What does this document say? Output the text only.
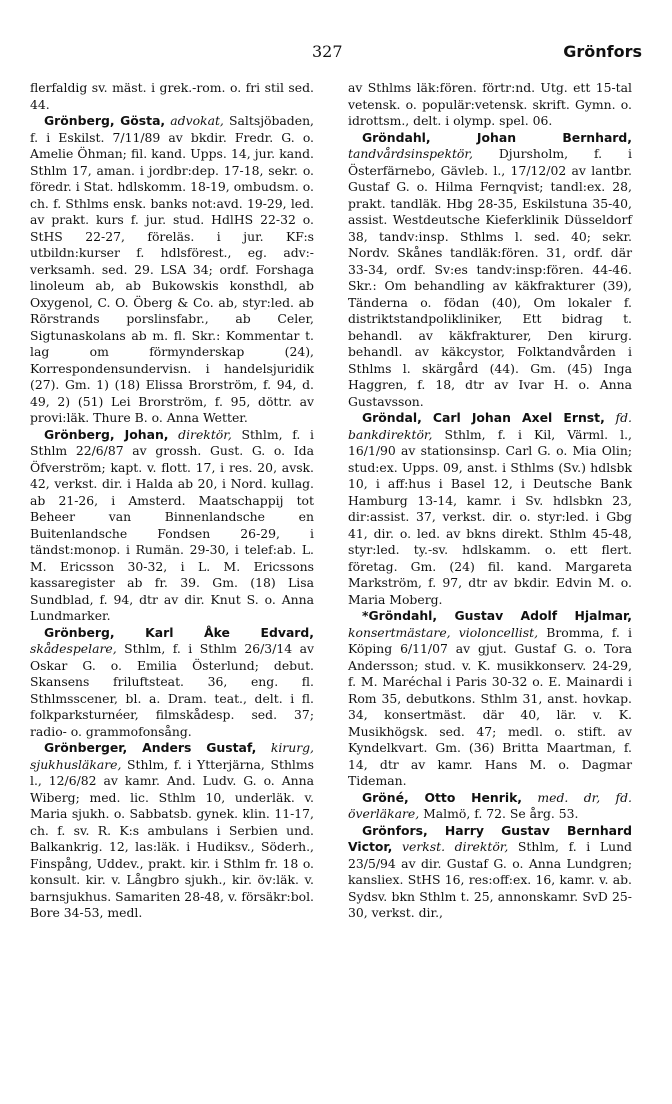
327	Grönfors

flerfaldig sv. mäst. i grek.-rom. o. fri stil sed. 44.

Grönberg, Gösta, advokat, Saltsjöbaden, f. i Eskilst. 7/11/89 av bkdir. Fredr. G. o. Amelie Öhman; fil. kand. Upps. 14, jur. kand. Sthlm 17, aman. i jordbr:dep. 17-18, sekr. o. föredr. i Stat. hdlskomm. 18-19, ombudsm. o. ch. f. Sthlms ensk. banks not:avd. 19-29, led. av prakt. kurs f. jur. stud. HdlHS 22-32 o. StHS 22-27, föreläs. i jur. KF:s utbildn:kurser f. hdlsförest., eg. adv:-verksamh. sed. 29. LSA 34; ordf. Forshaga linoleum ab, ab Bukowskis konsthdl, ab Oxygenol, C. O. Öberg & Co. ab, styr:led. ab Rörstrands porslinsfabr., ab Celer, Sigtunaskolans ab m. fl. Skr.: Kommentar t. lag om förmynderskap (24), Korrespondensundervisn. i handelsjuridik (27). Gm. 1) (18) Elissa Brorström, f. 94, d. 49, 2) (51) Lei Brorström, f. 95, döttr. av provi:läk. Thure B. o. Anna Wetter.

Grönberg, Johan, direktör, Sthlm, f. i Sthlm 22/6/87 av grossh. Gust. G. o. Ida Öfverström; kapt. v. flott. 17, i res. 20, avsk. 42, verkst. dir. i Halda ab 20, i Nord. kullag. ab 21-26, i Amsterd. Maatschappij tot Beheer van Binnenlandsche en Buitenlandsche Fondsen 26-29, i tändst:monop. i Rumän. 29-30, i telef:ab. L. M. Ericsson 30-32, i L. M. Ericssons kassaregister ab fr. 39. Gm. (18) Lisa Sundblad, f. 94, dtr av dir. Knut S. o. Anna Lundmarker.

Grönberg, Karl Åke Edvard, skådespelare, Sthlm, f. i Sthlm 26/3/14 av Oskar G. o. Emilia Österlund; debut. Skansens friluftsteat. 36, eng. fl. Sthlmsscener, bl. a. Dram. teat., delt. i fl. folkparksturnéer, filmskådesp. sed. 37; radio- o. grammofonsång.

Grönberger, Anders Gustaf, kirurg, sjukhusläkare, Sthlm, f. i Ytterjärna, Sthlms l., 12/6/82 av kamr. And. Ludv. G. o. Anna Wiberg; med. lic. Sthlm 10, underläk. v. Maria sjukh. o. Sabbatsb. gynek. klin. 11-17, ch. f. sv. R. K:s ambulans i Serbien und. Balkankrig. 12, las:läk. i Hudiksv., Söderh., Finspång, Uddev., prakt. kir. i Sthlm fr. 18 o. konsult. kir. v. Långbro sjukh., kir. öv:läk. v. barnsjukhus. Samariten 28-48, v. försäkr:bol. Bore 34-53, medl.

av Sthlms läk:fören. förtr:nd. Utg. ett 15-tal vetensk. o. populär:vetensk. skrift. Gymn. o. idrottsm., delt. i olymp. spel. 06.

Gröndahl, Johan Bernhard, tandvårdsinspektör, Djursholm, f. i Österfärnebo, Gävleb. l., 17/12/02 av lantbr. Gustaf G. o. Hilma Fernqvist; tandl:ex. 28, prakt. tandläk. Hbg 28-35, Eskilstuna 35-40, assist. Westdeutsche Kieferklinik Düsseldorf 38, tandv:insp. Sthlms l. sed. 40; sekr. Nordv. Skånes tandläk:fören. 31, ordf. där 33-34, ordf. Sv:es tandv:insp:fören. 44-46. Skr.: Om behandling av käkfrakturer (39), Tänderna o. födan (40), Om lokaler f. distriktstandpolikliniker, Ett bidrag t. behandl. av käkfrakturer, Den kirurg. behandl. av käkcystor, Folktandvården i Sthlms l. skärgård (44). Gm. (45) Inga Haggren, f. 18, dtr av Ivar H. o. Anna Gustavsson.

Gröndal, Carl Johan Axel Ernst, fd. bankdirektör, Sthlm, f. i Kil, Värml. l., 16/1/90 av stationsinsp. Carl G. o. Mia Olin; stud:ex. Upps. 09, anst. i Sthlms (Sv.) hdlsbk 10, i aff:hus i Basel 12, i Deutsche Bank Hamburg 13-14, kamr. i Sv. hdlsbkn 23, dir:assist. 37, verkst. dir. o. styr:led. i Gbg 41, dir. o. led. av bkns direkt. Sthlm 45-48, styr:led. ty.-sv. hdlskamm. o. ett flert. företag. Gm. (24) fil. kand. Margareta Markström, f. 97, dtr av bkdir. Edvin M. o. Maria Moberg.

*Gröndahl, Gustav Adolf Hjalmar, konsertmästare, violoncellist, Bromma, f. i Köping 6/11/07 av gjut. Gustaf G. o. Tora Andersson; stud. v. K. musikkonserv. 24-29, f. M. Maréchal i Paris 30-32 o. E. Mainardi i Rom 35, debutkons. Sthlm 31, anst. hovkap. 34, konsertmäst. där 40, lär. v. K. Musikhögsk. sed. 47; medl. o. stift. av Kyndelkvart. Gm. (36) Britta Maartman, f. 14, dtr av kamr. Hans M. o. Dagmar Tideman.

Gröné, Otto Henrik, med. dr, fd. överläkare, Malmö, f. 72. Se årg. 53.

Grönfors, Harry Gustav Bernhard Victor, verkst. direktör, Sthlm, f. i Lund 23/5/94 av dir. Gustaf G. o. Anna Lundgren; kansliex. StHS 16, res:off:ex. 16, kamr. v. ab. Sydsv. bkn Sthlm t. 25, annonskamr. SvD 25-30, verkst. dir.,
